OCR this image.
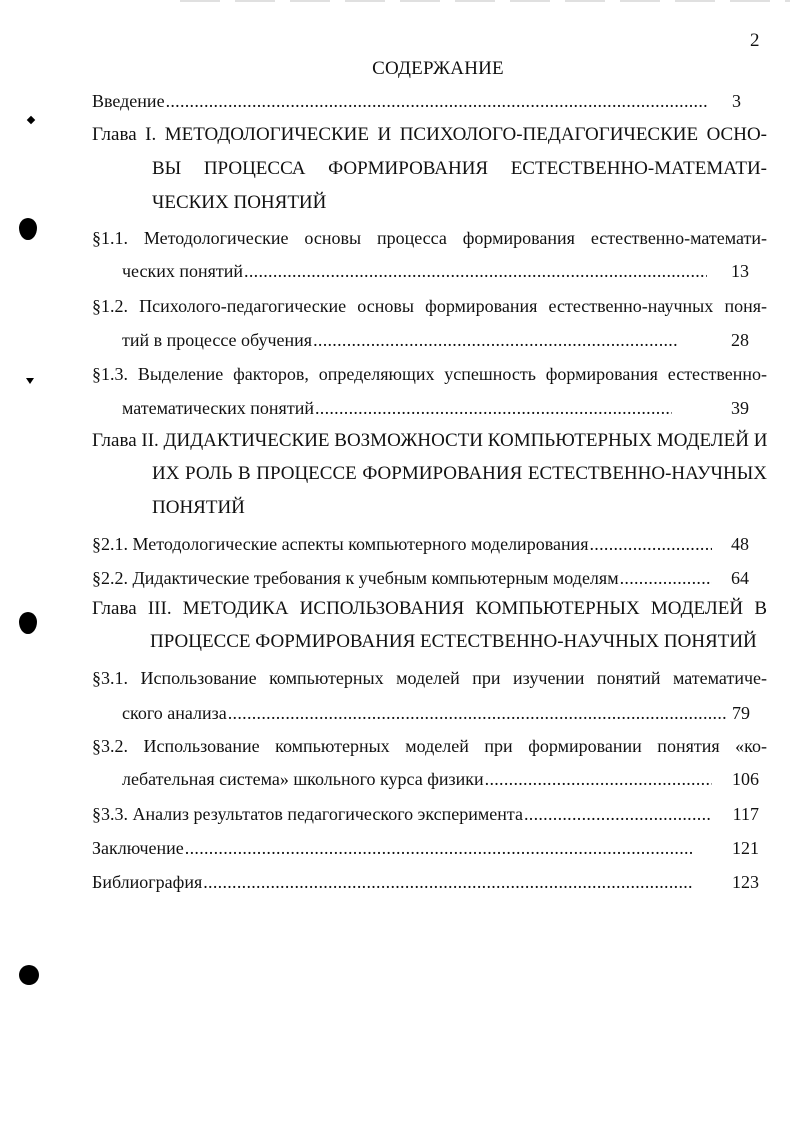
2
СОДЕРЖАНИЕ
Введение .....	3
Глава I. МЕТОДОЛОГИЧЕСКИЕ И ПСИХОЛОГО-ПЕДАГОГИЧЕСКИЕ ОСНО-
ВЫ ПРОЦЕССА ФОРМИРОВАНИЯ ЕСТЕСТВЕННО-МАТЕМАТИ-
ЧЕСКИХ ПОНЯТИЙ
§1.1. Методологические основы процесса формирования естественно-математи-
ческих понятий .....	13
§1.2. Психолого-педагогические основы формирования естественно-научных поня-
тий в процессе обучения .....	28
§1.3. Выделение факторов, определяющих успешность формирования естественно-
математических понятий .....	39
Глава II. ДИДАКТИЧЕСКИЕ ВОЗМОЖНОСТИ КОМПЬЮТЕРНЫХ МОДЕЛЕЙ И
ИХ РОЛЬ В ПРОЦЕССЕ ФОРМИРОВАНИЯ ЕСТЕСТВЕННО-НАУЧНЫХ
ПОНЯТИЙ
§2.1. Методологические аспекты компьютерного моделирования .....	48
§2.2. Дидактические требования к учебным компьютерным моделям .....	64
Глава III. МЕТОДИКА ИСПОЛЬЗОВАНИЯ КОМПЬЮТЕРНЫХ МОДЕЛЕЙ В
ПРОЦЕССЕ ФОРМИРОВАНИЯ ЕСТЕСТВЕННО-НАУЧНЫХ ПОНЯТИЙ
§3.1. Использование компьютерных моделей при изучении понятий математиче-
ского анализа .....	79
§3.2. Использование компьютерных моделей при формировании понятия «ко-
лебательная система» школьного курса физики .....	106
§3.3. Анализ результатов педагогического эксперимента .....	117
Заключение .....	121
Библиография .....	123
